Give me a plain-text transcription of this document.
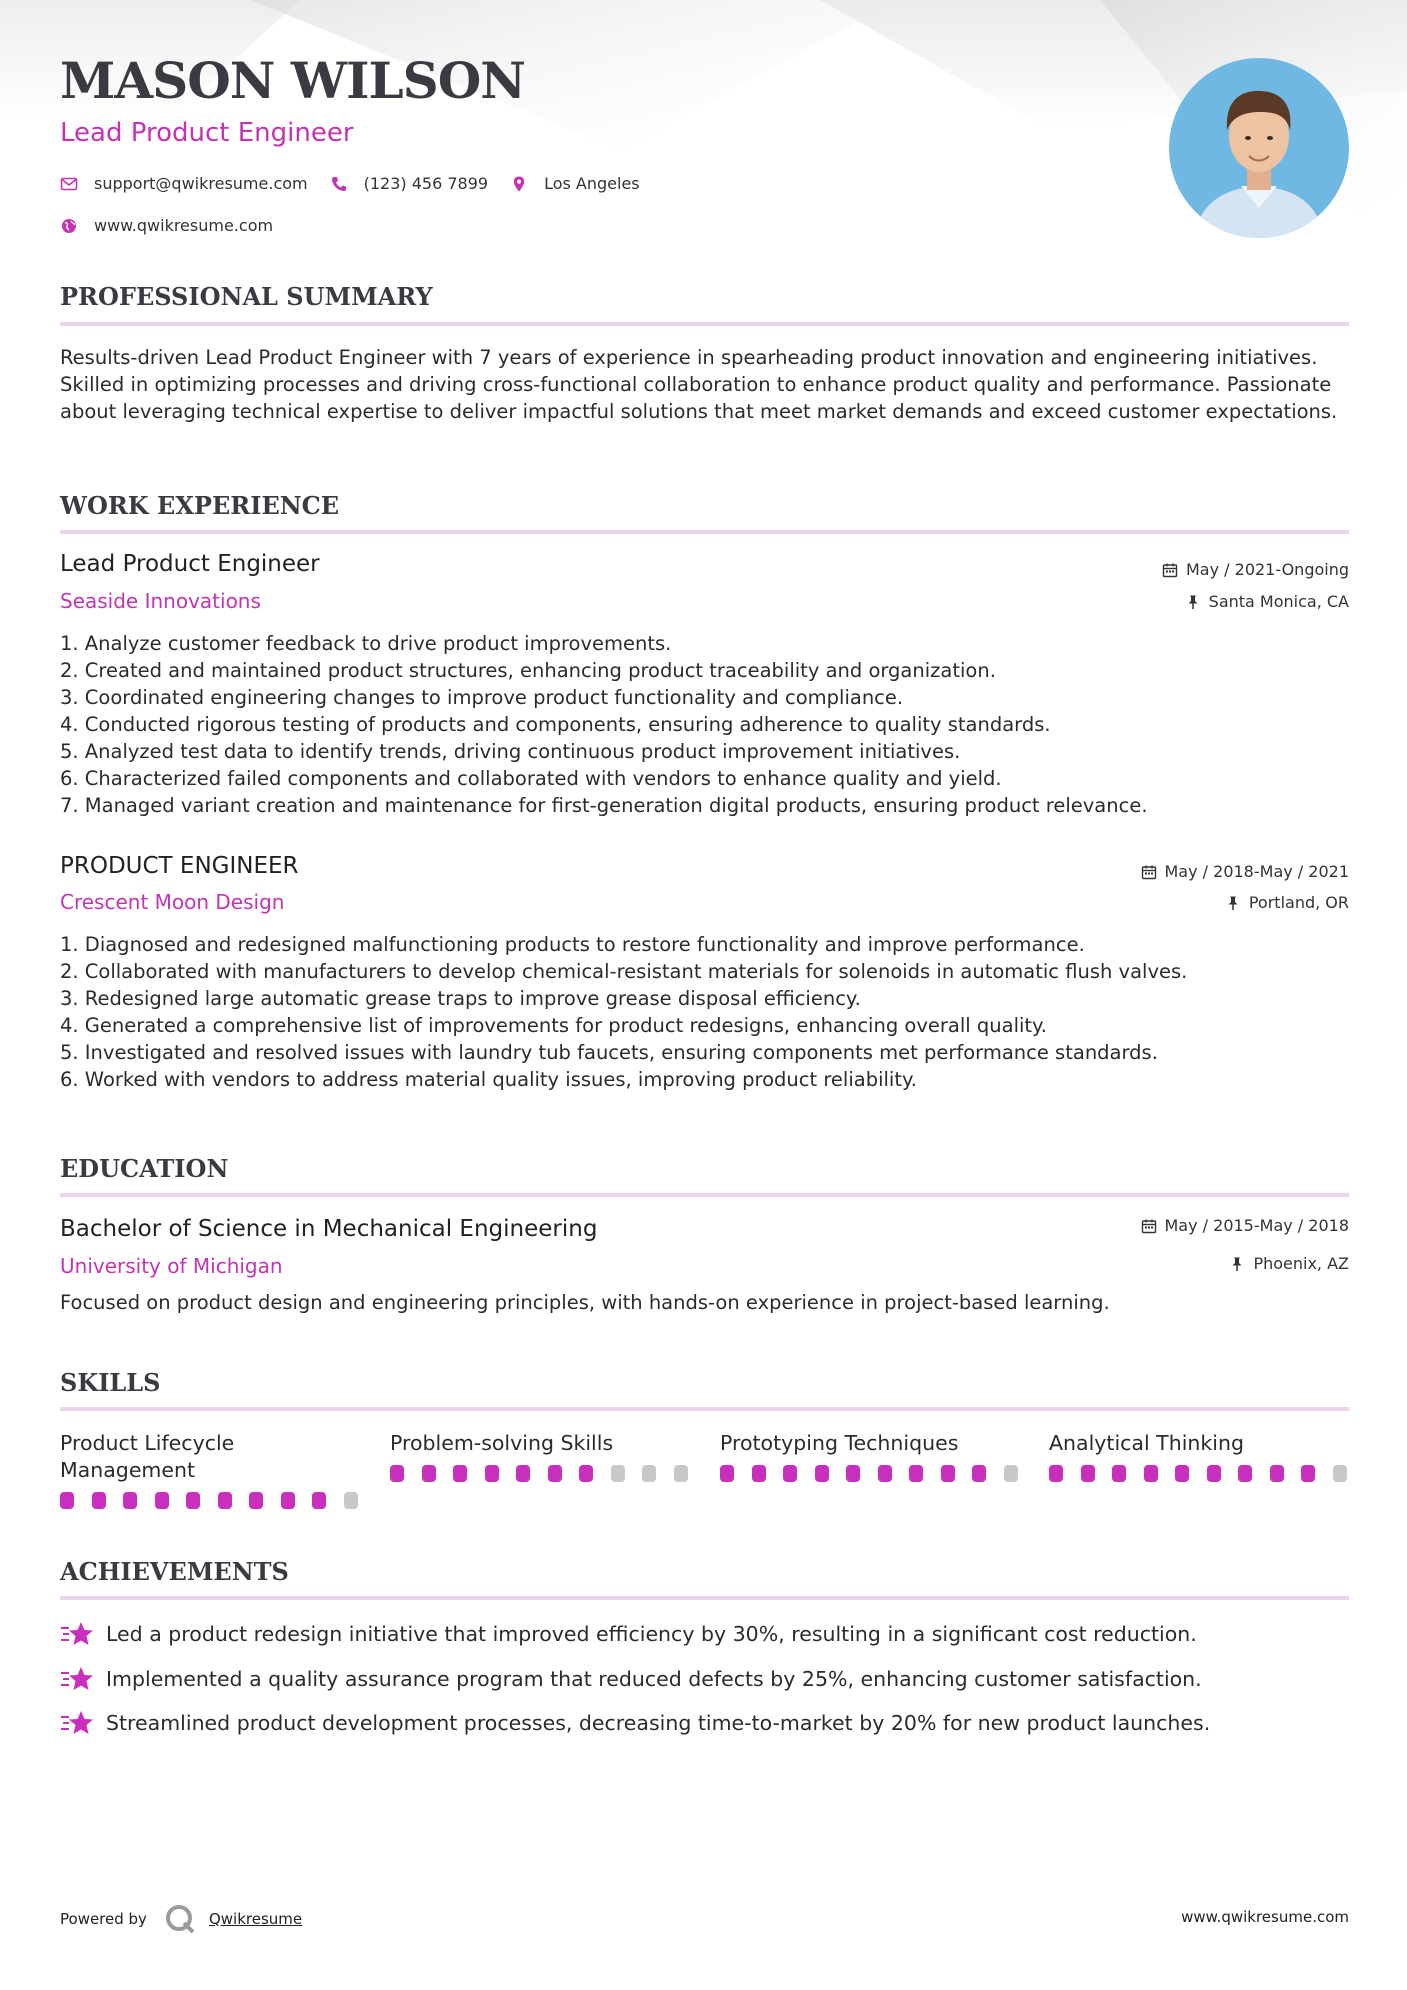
MASON WILSON
Lead Product Engineer
support@qwikresume.com	(123) 456 7899	Los Angeles
www.qwikresume.com
PROFESSIONAL SUMMARY

Results-driven Lead Product Engineer with 7 years of experience in spearheading product innovation and engineering initiatives. Skilled in optimizing processes and driving cross-functional collaboration to enhance product quality and performance. Passionate about leveraging technical expertise to deliver impactful solutions that meet market demands and exceed customer expectations.

WORK EXPERIENCE
Lead Product Engineer
Seaside Innovations
May / 2021-Ongoing
Santa Monica, CA
1. Analyze customer feedback to drive product improvements.
2. Created and maintained product structures, enhancing product traceability and organization.
3. Coordinated engineering changes to improve product functionality and compliance.
4. Conducted rigorous testing of products and components, ensuring adherence to quality standards.
5. Analyzed test data to identify trends, driving continuous product improvement initiatives.
6. Characterized failed components and collaborated with vendors to enhance quality and yield.
7. Managed variant creation and maintenance for first-generation digital products, ensuring product relevance.
PRODUCT ENGINEER
Crescent Moon Design
May / 2018-May / 2021
Portland, OR
1. Diagnosed and redesigned malfunctioning products to restore functionality and improve performance.
2. Collaborated with manufacturers to develop chemical-resistant materials for solenoids in automatic flush valves.
3. Redesigned large automatic grease traps to improve grease disposal efficiency.
4. Generated a comprehensive list of improvements for product redesigns, enhancing overall quality.
5. Investigated and resolved issues with laundry tub faucets, ensuring components met performance standards.
6. Worked with vendors to address material quality issues, improving product reliability.
EDUCATION
Bachelor of Science in Mechanical Engineering
University of Michigan
May / 2015-May / 2018
Phoenix, AZ

Focused on product design and engineering principles, with hands-on experience in project-based learning.

SKILLS
Product Lifecycle Management
Problem-solving Skills	Prototyping Techniques	Analytical Thinking
ACHIEVEMENTS
Led a product redesign initiative that improved efficiency by 30%, resulting in a significant cost reduction.
Implemented a quality assurance program that reduced defects by 25%, enhancing customer satisfaction.
Streamlined product development processes, decreasing time-to-market by 20% for new product launches.
Powered by	Qwikresume	www.qwikresume.com
